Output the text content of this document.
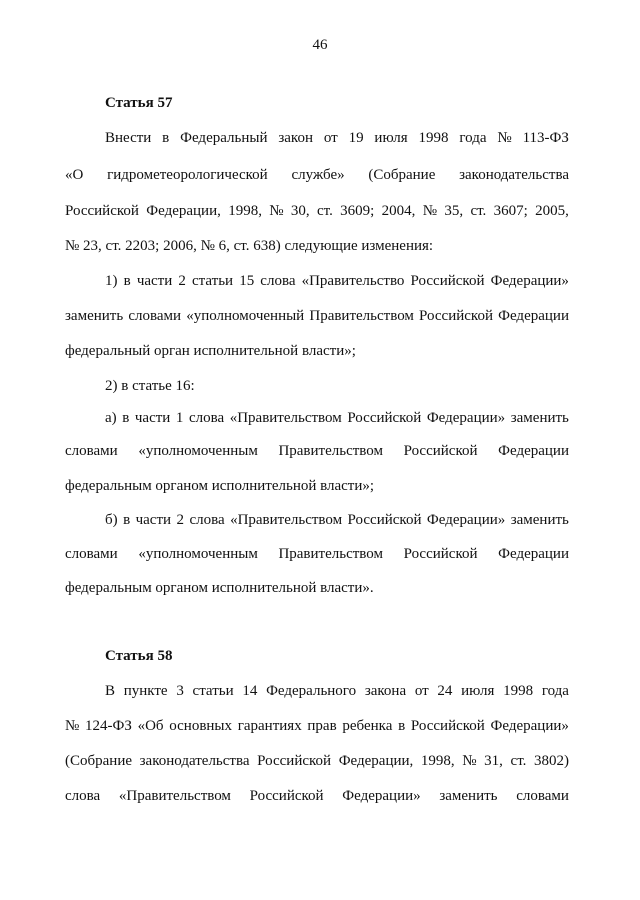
46
Статья 57
Внести в Федеральный закон от 19 июля 1998 года № 113-ФЗ
«О гидрометеорологической службе» (Собрание законодательства
Российской Федерации, 1998, № 30, ст. 3609; 2004, № 35, ст. 3607; 2005,
№ 23, ст. 2203; 2006, № 6, ст. 638) следующие изменения:
1) в части 2 статьи 15 слова «Правительство Российской Федерации»
заменить словами «уполномоченный Правительством Российской Федерации
федеральный орган исполнительной власти»;
2) в статье 16:
а) в части 1 слова «Правительством Российской Федерации» заменить
словами «уполномоченным Правительством Российской Федерации
федеральным органом исполнительной власти»;
б) в части 2 слова «Правительством Российской Федерации» заменить
словами «уполномоченным Правительством Российской Федерации
федеральным органом исполнительной власти».
Статья 58
В пункте 3 статьи 14 Федерального закона от 24 июля 1998 года
№ 124-ФЗ «Об основных гарантиях прав ребенка в Российской Федерации»
(Собрание законодательства Российской Федерации, 1998, № 31, ст. 3802)
слова «Правительством Российской Федерации» заменить словами
